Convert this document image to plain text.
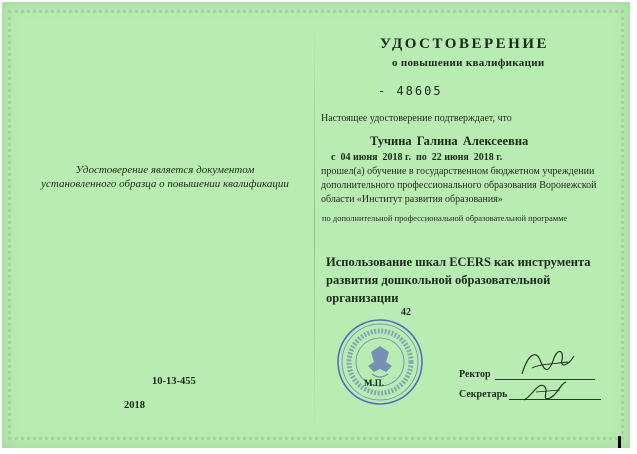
Удостоверение является документом установленного образца о повышении квалификации
10-13-455
2018
УДОСТОВЕРЕНИЕ
о повышении квалификации
- 48605
Настоящее удостоверение подтверждает, что
Тучина Галина Алексеевна
с 04 июня 2018 г. по 22 июня 2018 г.
прошел(а) обучение в государственном бюджетном учреждении дополнительного профессионального образования Воронежской области «Институт развития образования»
по дополнительной профессиональной образовательной программе
Использование шкал ECERS как инструмента развития дошкольной образовательной организации
42
М.П.
Ректор
Секретарь
